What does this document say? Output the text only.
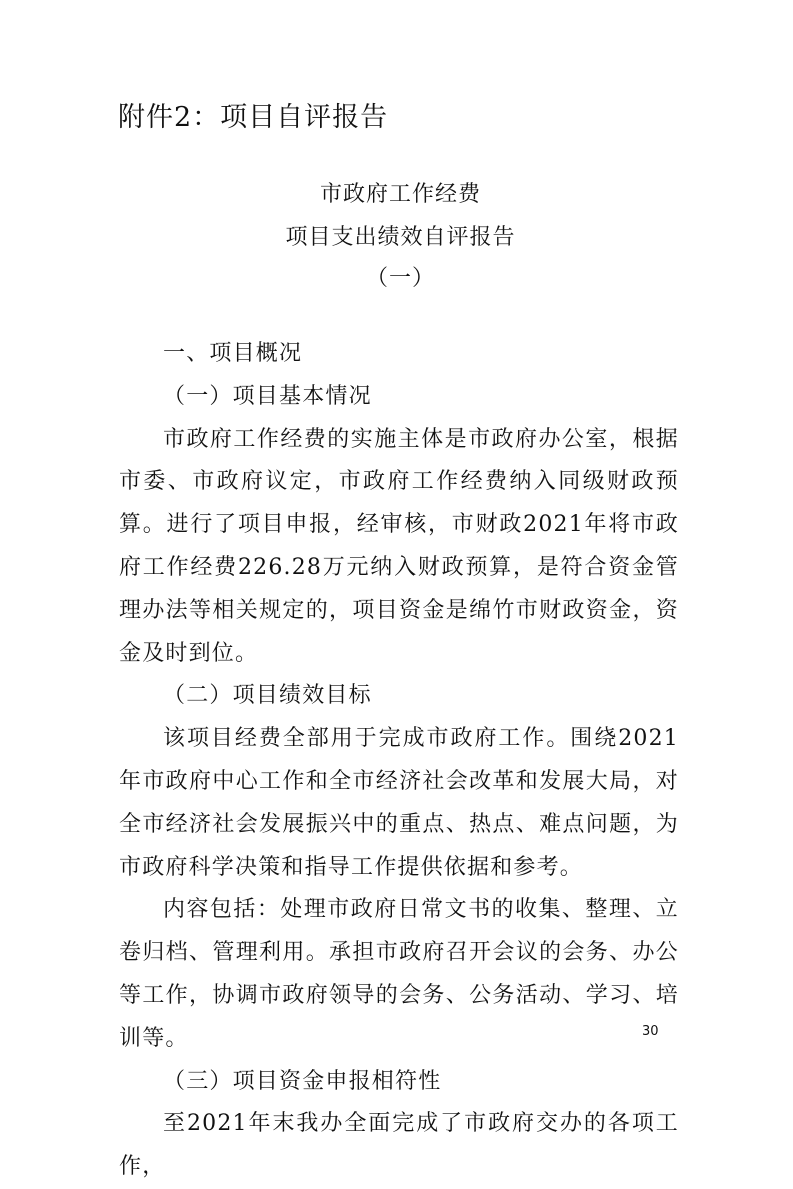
附件2：项目自评报告
市政府工作经费
项目支出绩效自评报告
（一）

一、项目概况

（一）项目基本情况

市政府工作经费的实施主体是市政府办公室，根据市委、市政府议定，市政府工作经费纳入同级财政预算。进行了项目申报，经审核，市财政2021年将市政府工作经费226.28万元纳入财政预算，是符合资金管理办法等相关规定的，项目资金是绵竹市财政资金，资金及时到位。

（二）项目绩效目标

该项目经费全部用于完成市政府工作。围绕2021年市政府中心工作和全市经济社会改革和发展大局，对全市经济社会发展振兴中的重点、热点、难点问题，为市政府科学决策和指导工作提供依据和参考。

内容包括：处理市政府日常文书的收集、整理、立卷归档、管理利用。承担市政府召开会议的会务、办公等工作，协调市政府领导的会务、公务活动、学习、培训等。

（三）项目资金申报相符性

至2021年末我办全面完成了市政府交办的各项工作，

30
